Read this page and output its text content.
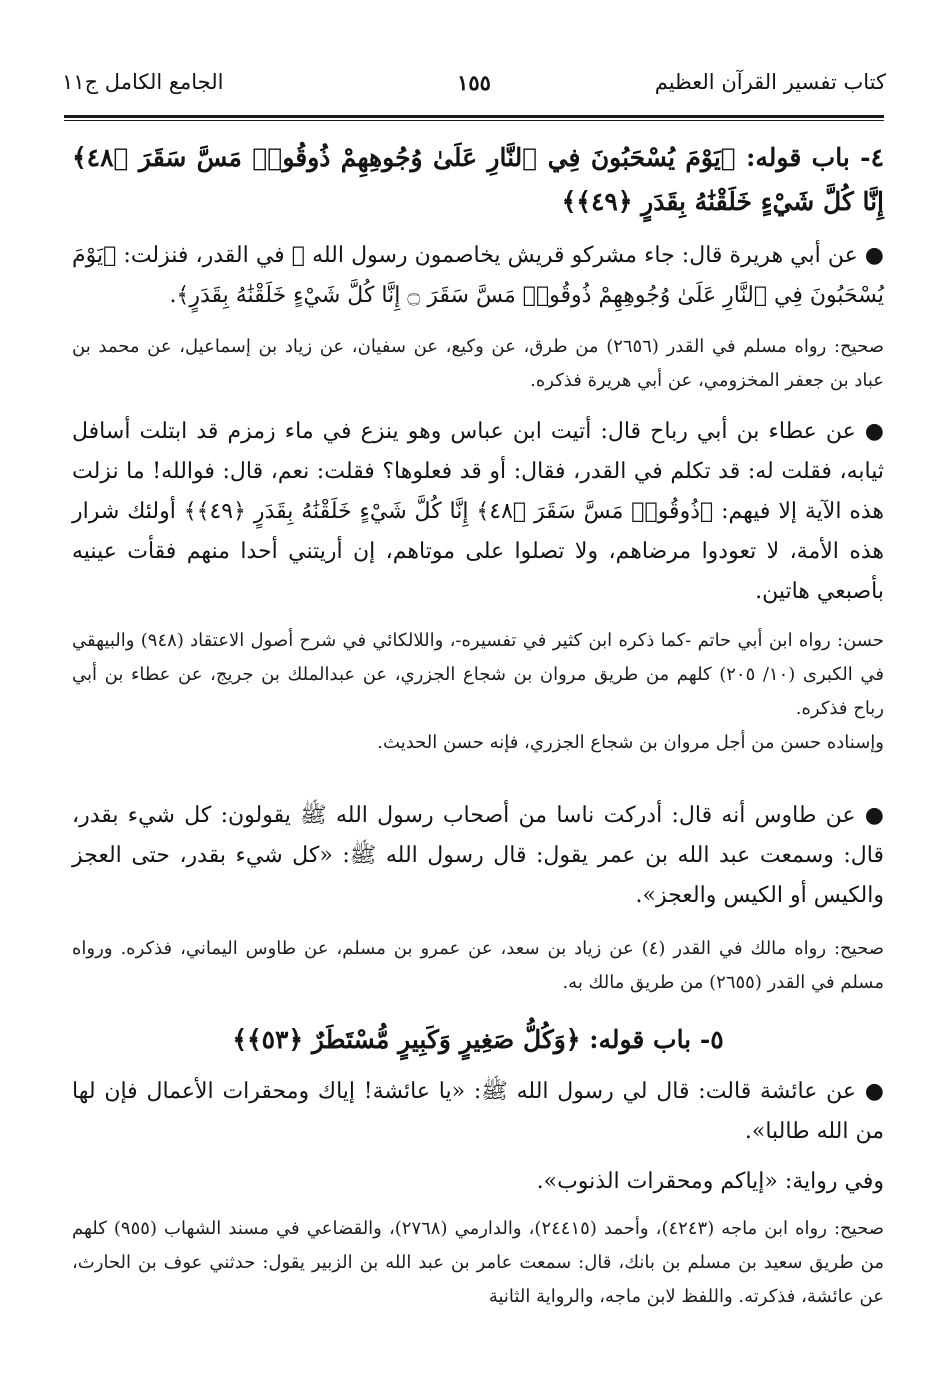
كتاب تفسير القرآن العظيم
١٥٥
الجامع الكامل ج١١
٤- باب قوله: ﴿يَوْمَ يُسْحَبُونَ فِي ٱلنَّارِ عَلَىٰ وُجُوهِهِمْ ذُوقُوا۟ مَسَّ سَقَرَ ﴿٤٨﴾ إِنَّا كُلَّ شَيْءٍ خَلَقْنَٰهُ بِقَدَرٍ ﴿٤٩﴾﴾
● عن أبي هريرة قال: جاء مشركو قريش يخاصمون رسول الله ﷺ في القدر، فنزلت: ﴿يَوْمَ يُسْحَبُونَ فِي ٱلنَّارِ عَلَىٰ وُجُوهِهِمْ ذُوقُوا۟ مَسَّ سَقَرَ ۝ إِنَّا كُلَّ شَيْءٍ خَلَقْنَٰهُ بِقَدَرٍ﴾.
صحيح: رواه مسلم في القدر (٢٦٥٦) من طرق، عن وكيع، عن سفيان، عن زياد بن إسماعيل، عن محمد بن عباد بن جعفر المخزومي، عن أبي هريرة فذكره.
● عن عطاء بن أبي رباح قال: أتيت ابن عباس وهو ينزع في ماء زمزم قد ابتلت أسافل ثيابه، فقلت له: قد تكلم في القدر، فقال: أو قد فعلوها؟ فقلت: نعم، قال: فوالله! ما نزلت هذه الآية إلا فيهم: ﴿ذُوقُوا۟ مَسَّ سَقَرَ ﴿٤٨﴾ إِنَّا كُلَّ شَيْءٍ خَلَقْنَٰهُ بِقَدَرٍ ﴿٤٩﴾﴾ أولئك شرار هذه الأمة، لا تعودوا مرضاهم، ولا تصلوا على موتاهم، إن أريتني أحدا منهم فقأت عينيه بأصبعي هاتين.
حسن: رواه ابن أبي حاتم -كما ذكره ابن كثير في تفسيره-، واللالكائي في شرح أصول الاعتقاد (٩٤٨) والبيهقي في الكبرى (١٠/ ٢٠٥) كلهم من طريق مروان بن شجاع الجزري، عن عبدالملك بن جريج، عن عطاء بن أبي رباح فذكره.
وإسناده حسن من أجل مروان بن شجاع الجزري، فإنه حسن الحديث.
● عن طاوس أنه قال: أدركت ناسا من أصحاب رسول الله ﷺ يقولون: كل شيء بقدر، قال: وسمعت عبد الله بن عمر يقول: قال رسول الله ﷺ: «كل شيء بقدر، حتى العجز والكيس أو الكيس والعجز».
صحيح: رواه مالك في القدر (٤) عن زياد بن سعد، عن عمرو بن مسلم، عن طاوس اليماني، فذكره. ورواه مسلم في القدر (٢٦٥٥) من طريق مالك به.
٥- باب قوله: ﴿وَكُلُّ صَغِيرٍ وَكَبِيرٍ مُّسْتَطَرٌ ﴿٥٣﴾﴾
● عن عائشة قالت: قال لي رسول الله ﷺ: «يا عائشة! إياك ومحقرات الأعمال فإن لها من الله طالبا».
وفي رواية: «إياكم ومحقرات الذنوب».
صحيح: رواه ابن ماجه (٤٢٤٣)، وأحمد (٢٤٤١٥)، والدارمي (٢٧٦٨)، والقضاعي في مسند الشهاب (٩٥٥) كلهم من طريق سعيد بن مسلم بن بانك، قال: سمعت عامر بن عبد الله بن الزبير يقول: حدثني عوف بن الحارث، عن عائشة، فذكرته. واللفظ لابن ماجه، والرواية الثانية
